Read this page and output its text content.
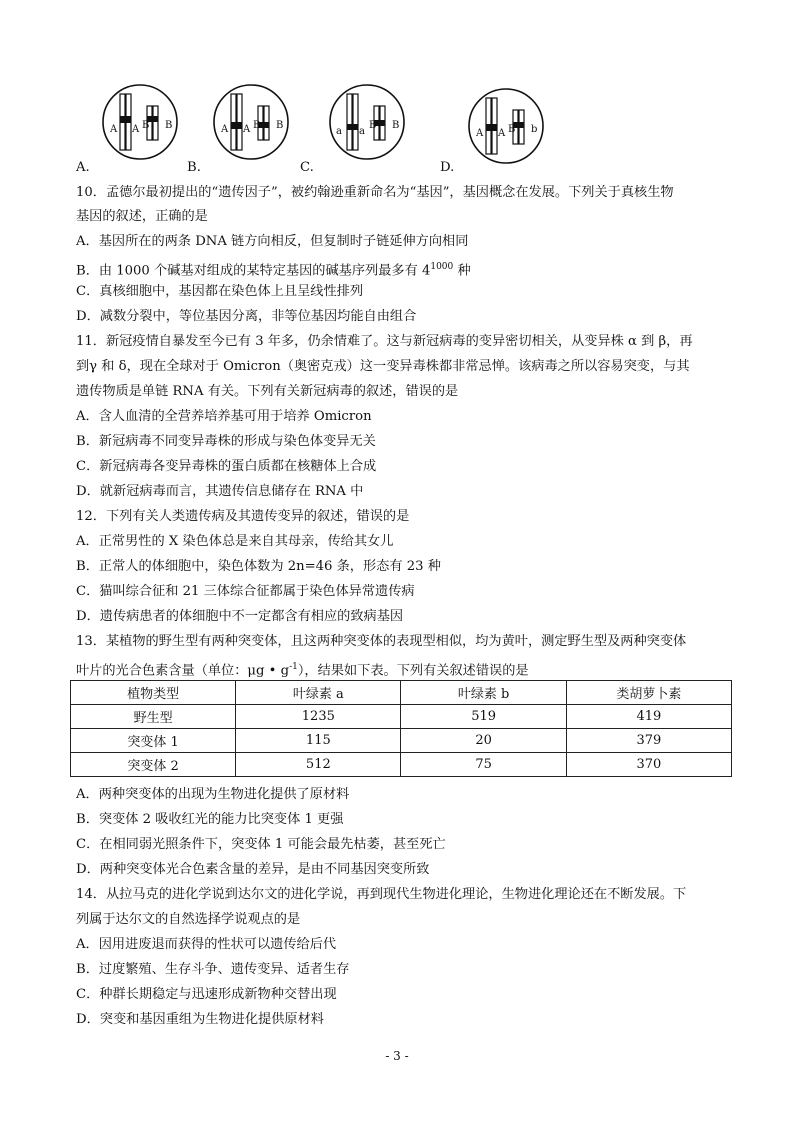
A A B B
A.
A A B B
B.
a a
B B
C.
A A B b
D.
10．孟德尔最初提出的“遗传因子”，被约翰逊重新命名为“基因”，基因概念在发展。下列关于真核生物
基因的叙述，正确的是
A．基因所在的两条 DNA 链方向相反，但复制时子链延伸方向相同
B．由 1000 个碱基对组成的某特定基因的碱基序列最多有 $4^{1000}$ 种
C．真核细胞中，基因都在染色体上且呈线性排列
D．减数分裂中，等位基因分离，非等位基因均能自由组合
11．新冠疫情自暴发至今已有 3 年多，仍余情难了。这与新冠病毒的变异密切相关，从变异株 α 到 β，再
到γ 和 δ，现在全球对于 Omicron（奥密克戎）这一变异毒株都非常忌惮。该病毒之所以容易突变，与其
遗传物质是单链 RNA 有关。下列有关新冠病毒的叙述，错误的是
A．含人血清的全营养培养基可用于培养 Omicron
B．新冠病毒不同变异毒株的形成与染色体变异无关
C．新冠病毒各变异毒株的蛋白质都在核糖体上合成
D．就新冠病毒而言，其遗传信息储存在 RNA 中
12．下列有关人类遗传病及其遗传变异的叙述，错误的是
A．正常男性的 X 染色体总是来自其母亲，传给其女儿
B．正常人的体细胞中，染色体数为 2n=46 条，形态有 23 种
C．猫叫综合征和 21 三体综合征都属于染色体异常遗传病
D．遗传病患者的体细胞中不一定都含有相应的致病基因
13．某植物的野生型有两种突变体，且这两种突变体的表现型相似，均为黄叶，测定野生型及两种突变体
叶片的光合色素含量（单位：μg • $g^{-1}$），结果如下表。下列有关叙述错误的是
植物类型	叶绿素 a	叶绿素 b	类胡萝卜素
野生型	1235	519	419
突变体 1	115	20	379
突变体 2	512	75	370
A．两种突变体的出现为生物进化提供了原材料
B．突变体 2 吸收红光的能力比突变体 1 更强
C．在相同弱光照条件下，突变体 1 可能会最先枯萎，甚至死亡
D．两种突变体光合色素含量的差异，是由不同基因突变所致
14．从拉马克的进化学说到达尔文的进化学说，再到现代生物进化理论，生物进化理论还在不断发展。下
列属于达尔文的自然选择学说观点的是
A．因用进废退而获得的性状可以遗传给后代
B．过度繁殖、生存斗争、遗传变异、适者生存
C．种群长期稳定与迅速形成新物种交替出现
D．突变和基因重组为生物进化提供原材料
- 3 -
